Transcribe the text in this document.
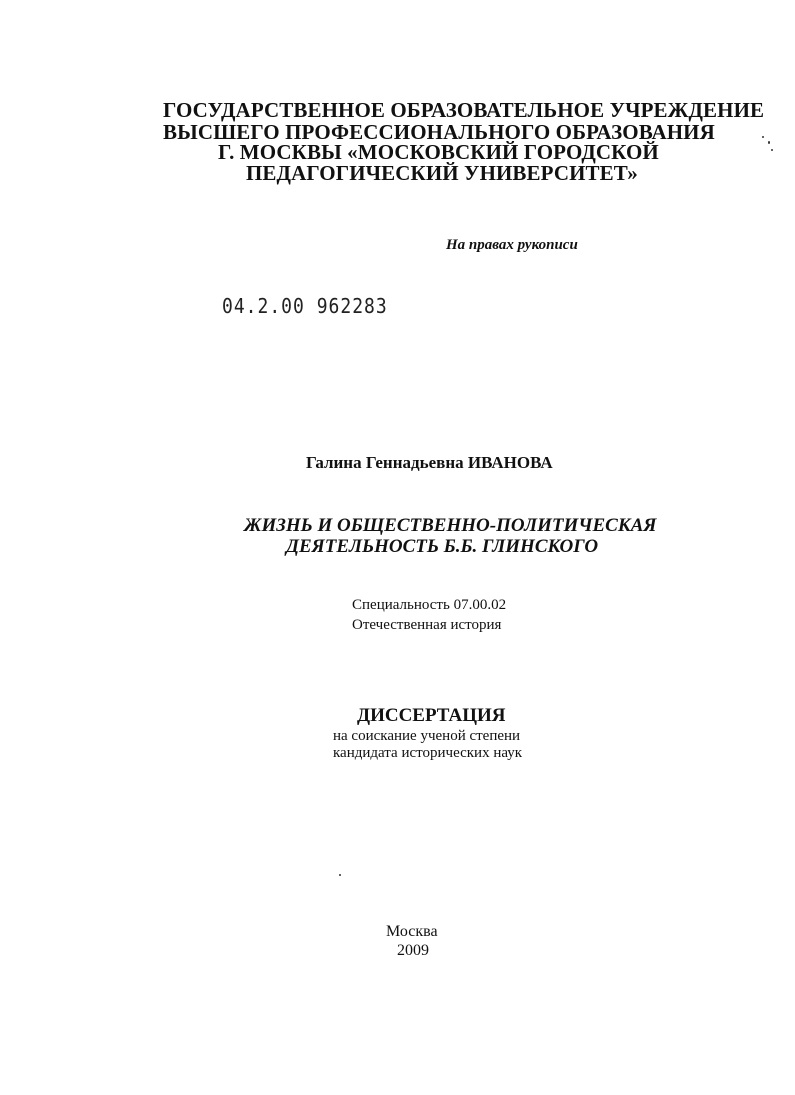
ГОСУДАРСТВЕННОЕ ОБРАЗОВАТЕЛЬНОЕ УЧРЕЖДЕНИЕ
ВЫСШЕГО ПРОФЕССИОНАЛЬНОГО ОБРАЗОВАНИЯ
Г. МОСКВЫ «МОСКОВСКИЙ ГОРОДСКОЙ
ПЕДАГОГИЧЕСКИЙ УНИВЕРСИТЕТ»
На правах рукописи
04.2.00 962283
Галина Геннадьевна ИВАНОВА
ЖИЗНЬ И ОБЩЕСТВЕННО-ПОЛИТИЧЕСКАЯ
ДЕЯТЕЛЬНОСТЬ Б.Б. ГЛИНСКОГО
Специальность 07.00.02
Отечественная история
ДИССЕРТАЦИЯ
на соискание ученой степени
кандидата исторических наук
Москва
2009
